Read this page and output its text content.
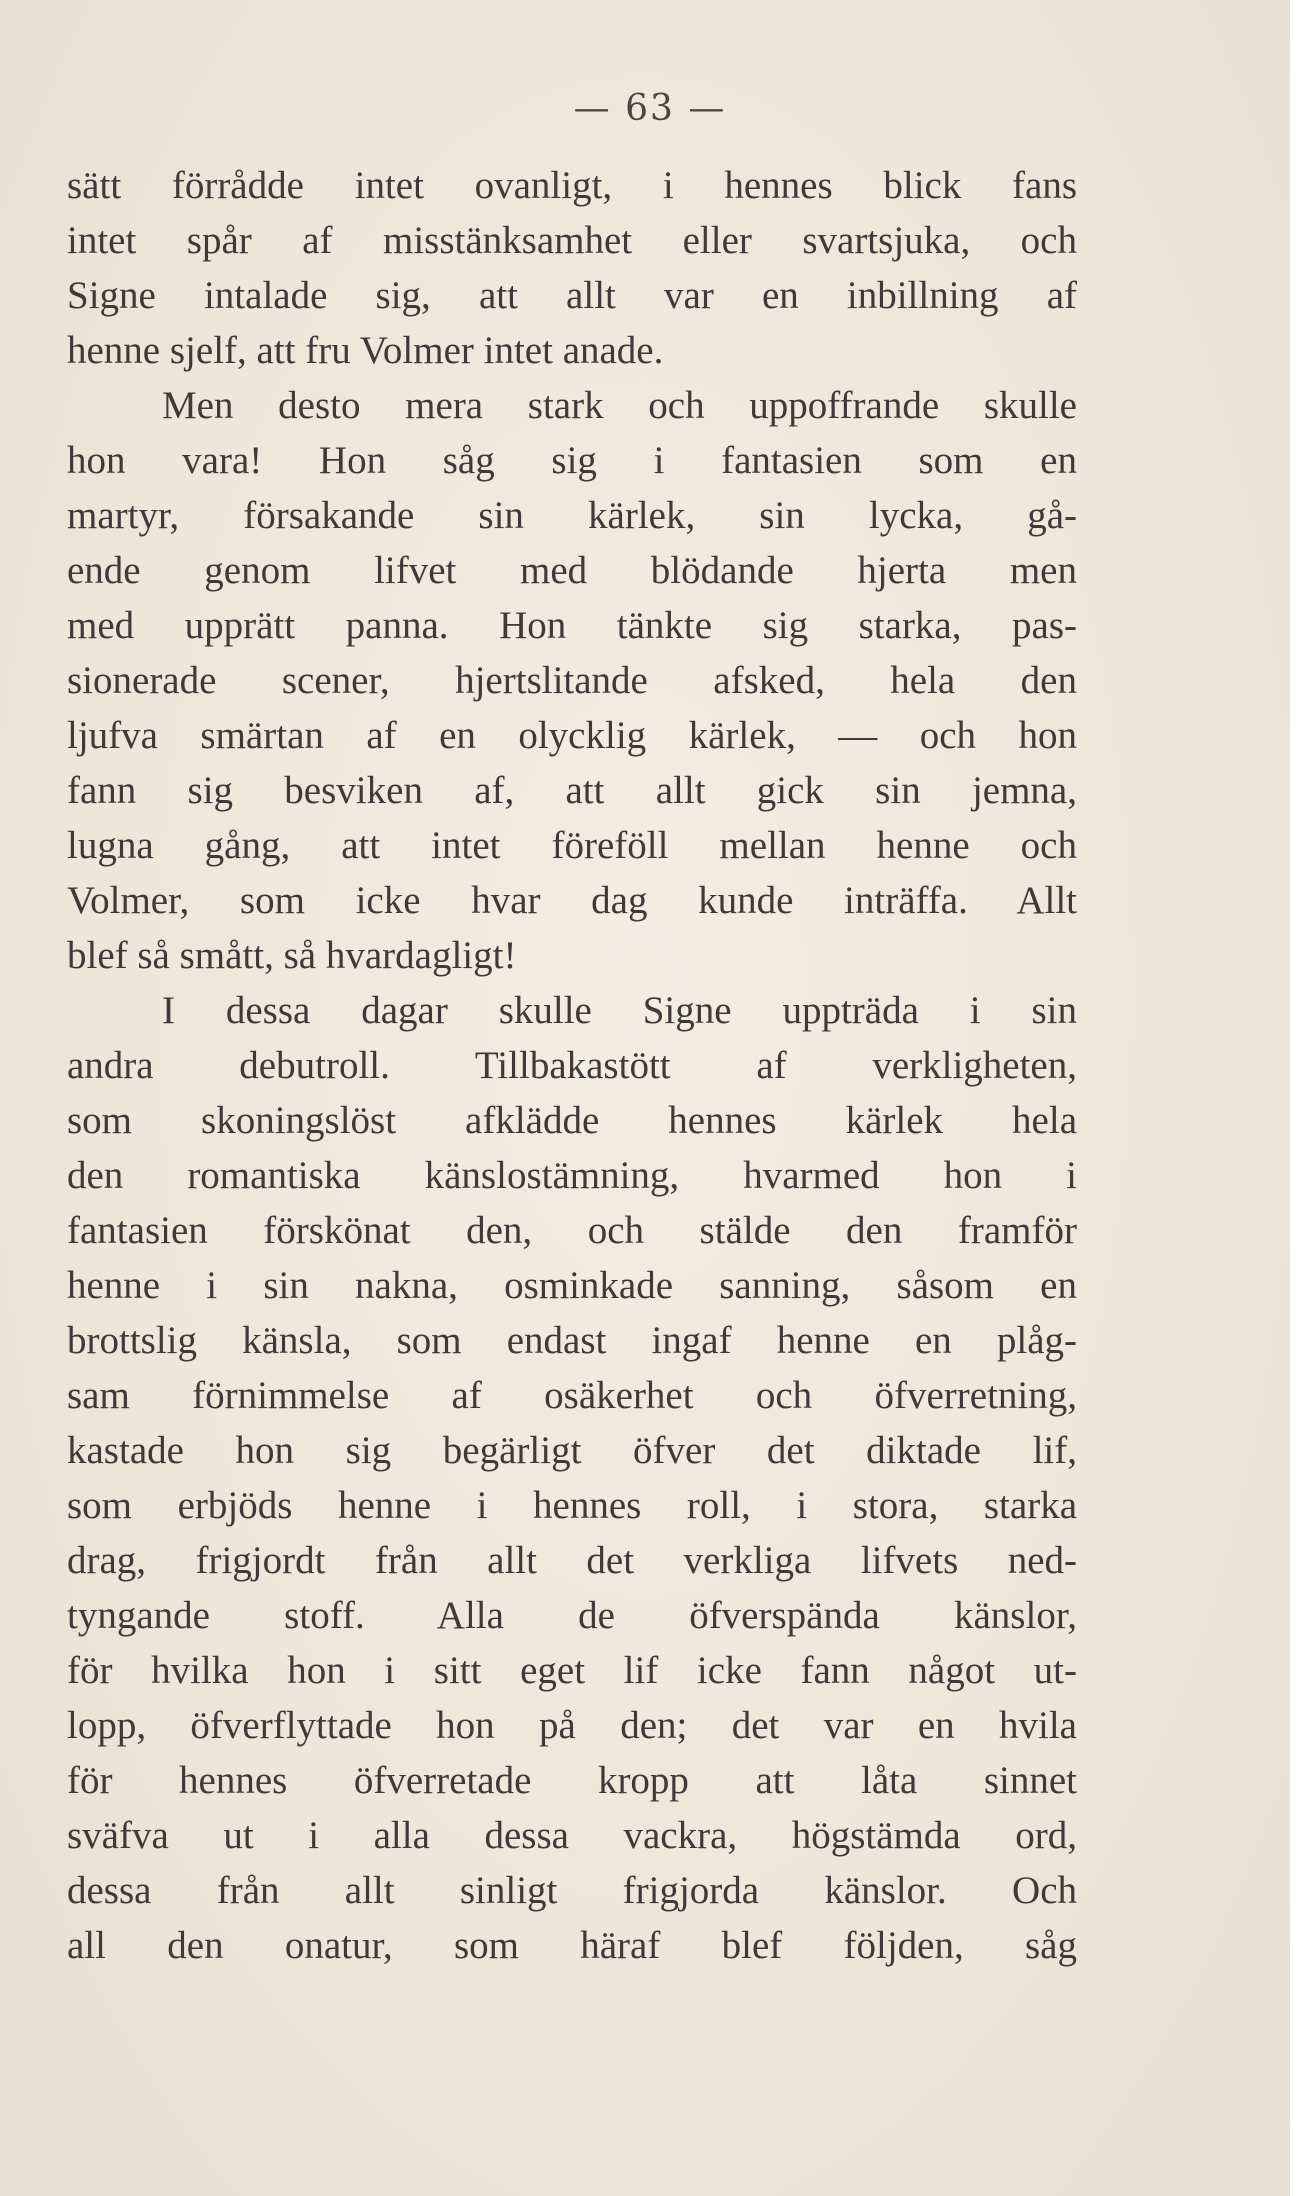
— 63 —
sätt förrådde intet ovanligt, i hennes blick fans
intet spår af misstänksamhet eller svartsjuka, och
Signe intalade sig, att allt var en inbillning af
henne sjelf, att fru Volmer intet anade.
Men desto mera stark och uppoffrande skulle
hon vara! Hon såg sig i fantasien som en
martyr, försakande sin kärlek, sin lycka, gå-
ende genom lifvet med blödande hjerta men
med upprätt panna. Hon tänkte sig starka, pas-
sionerade scener, hjertslitande afsked, hela den
ljufva smärtan af en olycklig kärlek, — och hon
fann sig besviken af, att allt gick sin jemna,
lugna gång, att intet föreföll mellan henne och
Volmer, som icke hvar dag kunde inträffa. Allt
blef så smått, så hvardagligt!
I dessa dagar skulle Signe uppträda i sin
andra debutroll. Tillbakastött af verkligheten,
som skoningslöst afklädde hennes kärlek hela
den romantiska känslostämning, hvarmed hon i
fantasien förskönat den, och stälde den framför
henne i sin nakna, osminkade sanning, såsom en
brottslig känsla, som endast ingaf henne en plåg-
sam förnimmelse af osäkerhet och öfverretning,
kastade hon sig begärligt öfver det diktade lif,
som erbjöds henne i hennes roll, i stora, starka
drag, frigjordt från allt det verkliga lifvets ned-
tyngande stoff. Alla de öfverspända känslor,
för hvilka hon i sitt eget lif icke fann något ut-
lopp, öfverflyttade hon på den; det var en hvila
för hennes öfverretade kropp att låta sinnet
sväfva ut i alla dessa vackra, högstämda ord,
dessa från allt sinligt frigjorda känslor. Och
all den onatur, som häraf blef följden, såg
